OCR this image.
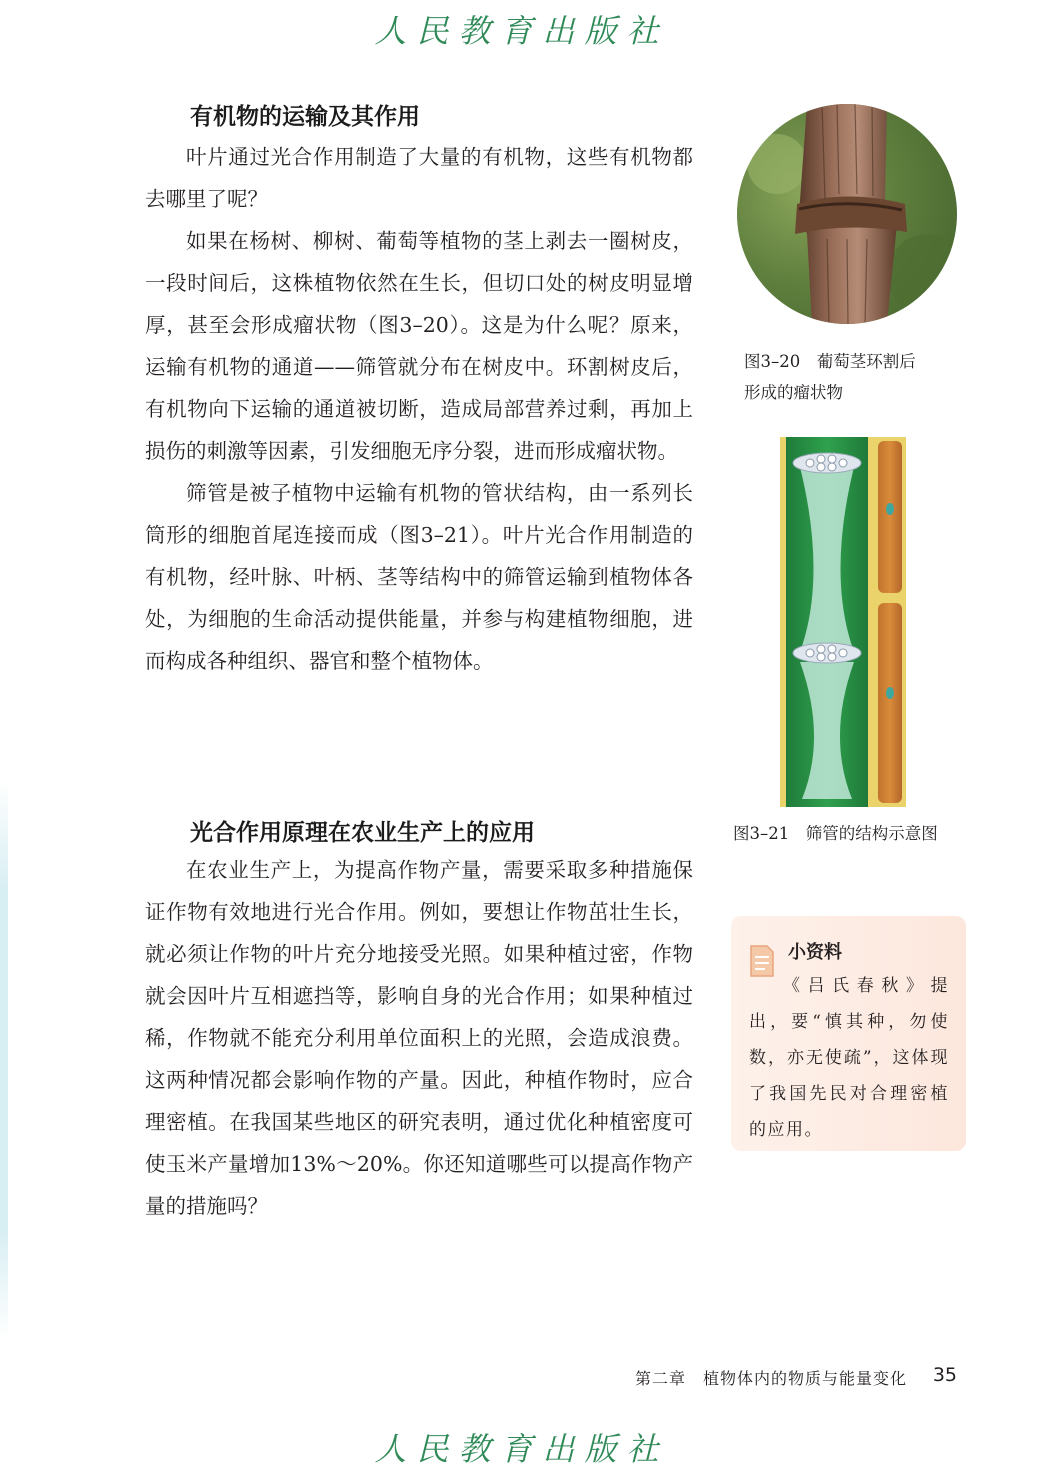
人民教育出版社
有机物的运输及其作用

叶片通过光合作用制造了大量的有机物，这些有机物都去哪里了呢？

如果在杨树、柳树、葡萄等植物的茎上剥去一圈树皮，一段时间后，这株植物依然在生长，但切口处的树皮明显增厚，甚至会形成瘤状物（图3–20）。这是为什么呢？原来，运输有机物的通道——筛管就分布在树皮中。环割树皮后，有机物向下运输的通道被切断，造成局部营养过剩，再加上损伤的刺激等因素，引发细胞无序分裂，进而形成瘤状物。

筛管是被子植物中运输有机物的管状结构，由一系列长筒形的细胞首尾连接而成（图3–21）。叶片光合作用制造的有机物，经叶脉、叶柄、茎等结构中的筛管运输到植物体各处，为细胞的生命活动提供能量，并参与构建植物细胞，进而构成各种组织、器官和整个植物体。

图3–20　葡萄茎环割后
形成的瘤状物
图3–21　筛管的结构示意图
光合作用原理在农业生产上的应用

在农业生产上，为提高作物产量，需要采取多种措施保证作物有效地进行光合作用。例如，要想让作物茁壮生长，就必须让作物的叶片充分地接受光照。如果种植过密，作物就会因叶片互相遮挡等，影响自身的光合作用；如果种植过稀，作物就不能充分利用单位面积上的光照，会造成浪费。这两种情况都会影响作物的产量。因此，种植作物时，应合理密植。在我国某些地区的研究表明，通过优化种植密度可使玉米产量增加13%～20%。你还知道哪些可以提高作物产量的措施吗？

小资料

《吕氏春秋》提出，要“慎其种，勿使数，亦无使疏”，这体现了我国先民对合理密植的应用。

第二章　植物体内的物质与能量变化 35
人民教育出版社
